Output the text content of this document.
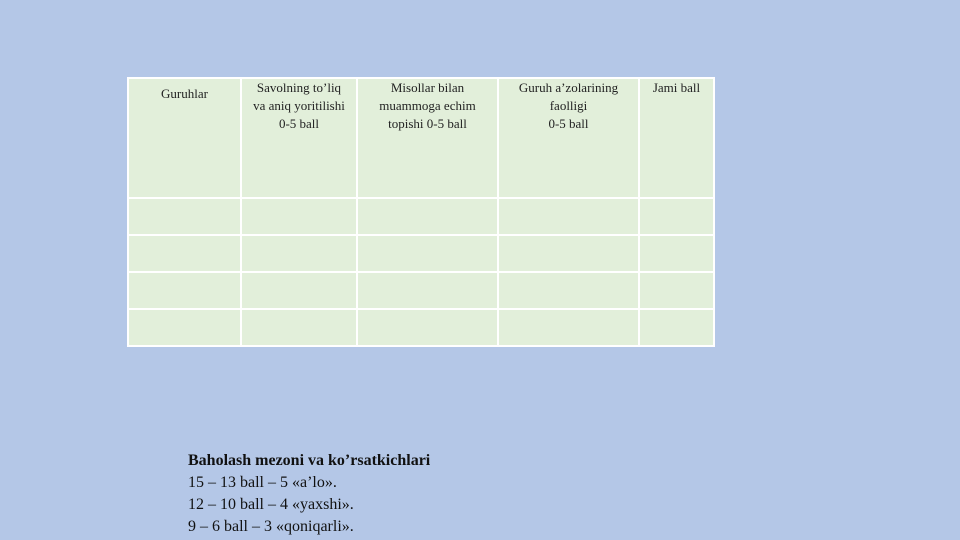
Guruhlar	Savolning to’liq
va aniq yoritilishi
0-5 ball	Misollar bilan
muammoga echim
topishi 0-5 ball	Guruh a’zolarining
faolligi
0-5 ball	Jami ball

Baholash mezoni va ko’rsatkichlari
15 – 13 ball – 5 «a’lo».
12 – 10 ball – 4 «yaxshi».
9 – 6 ball – 3 «qoniqarli».
